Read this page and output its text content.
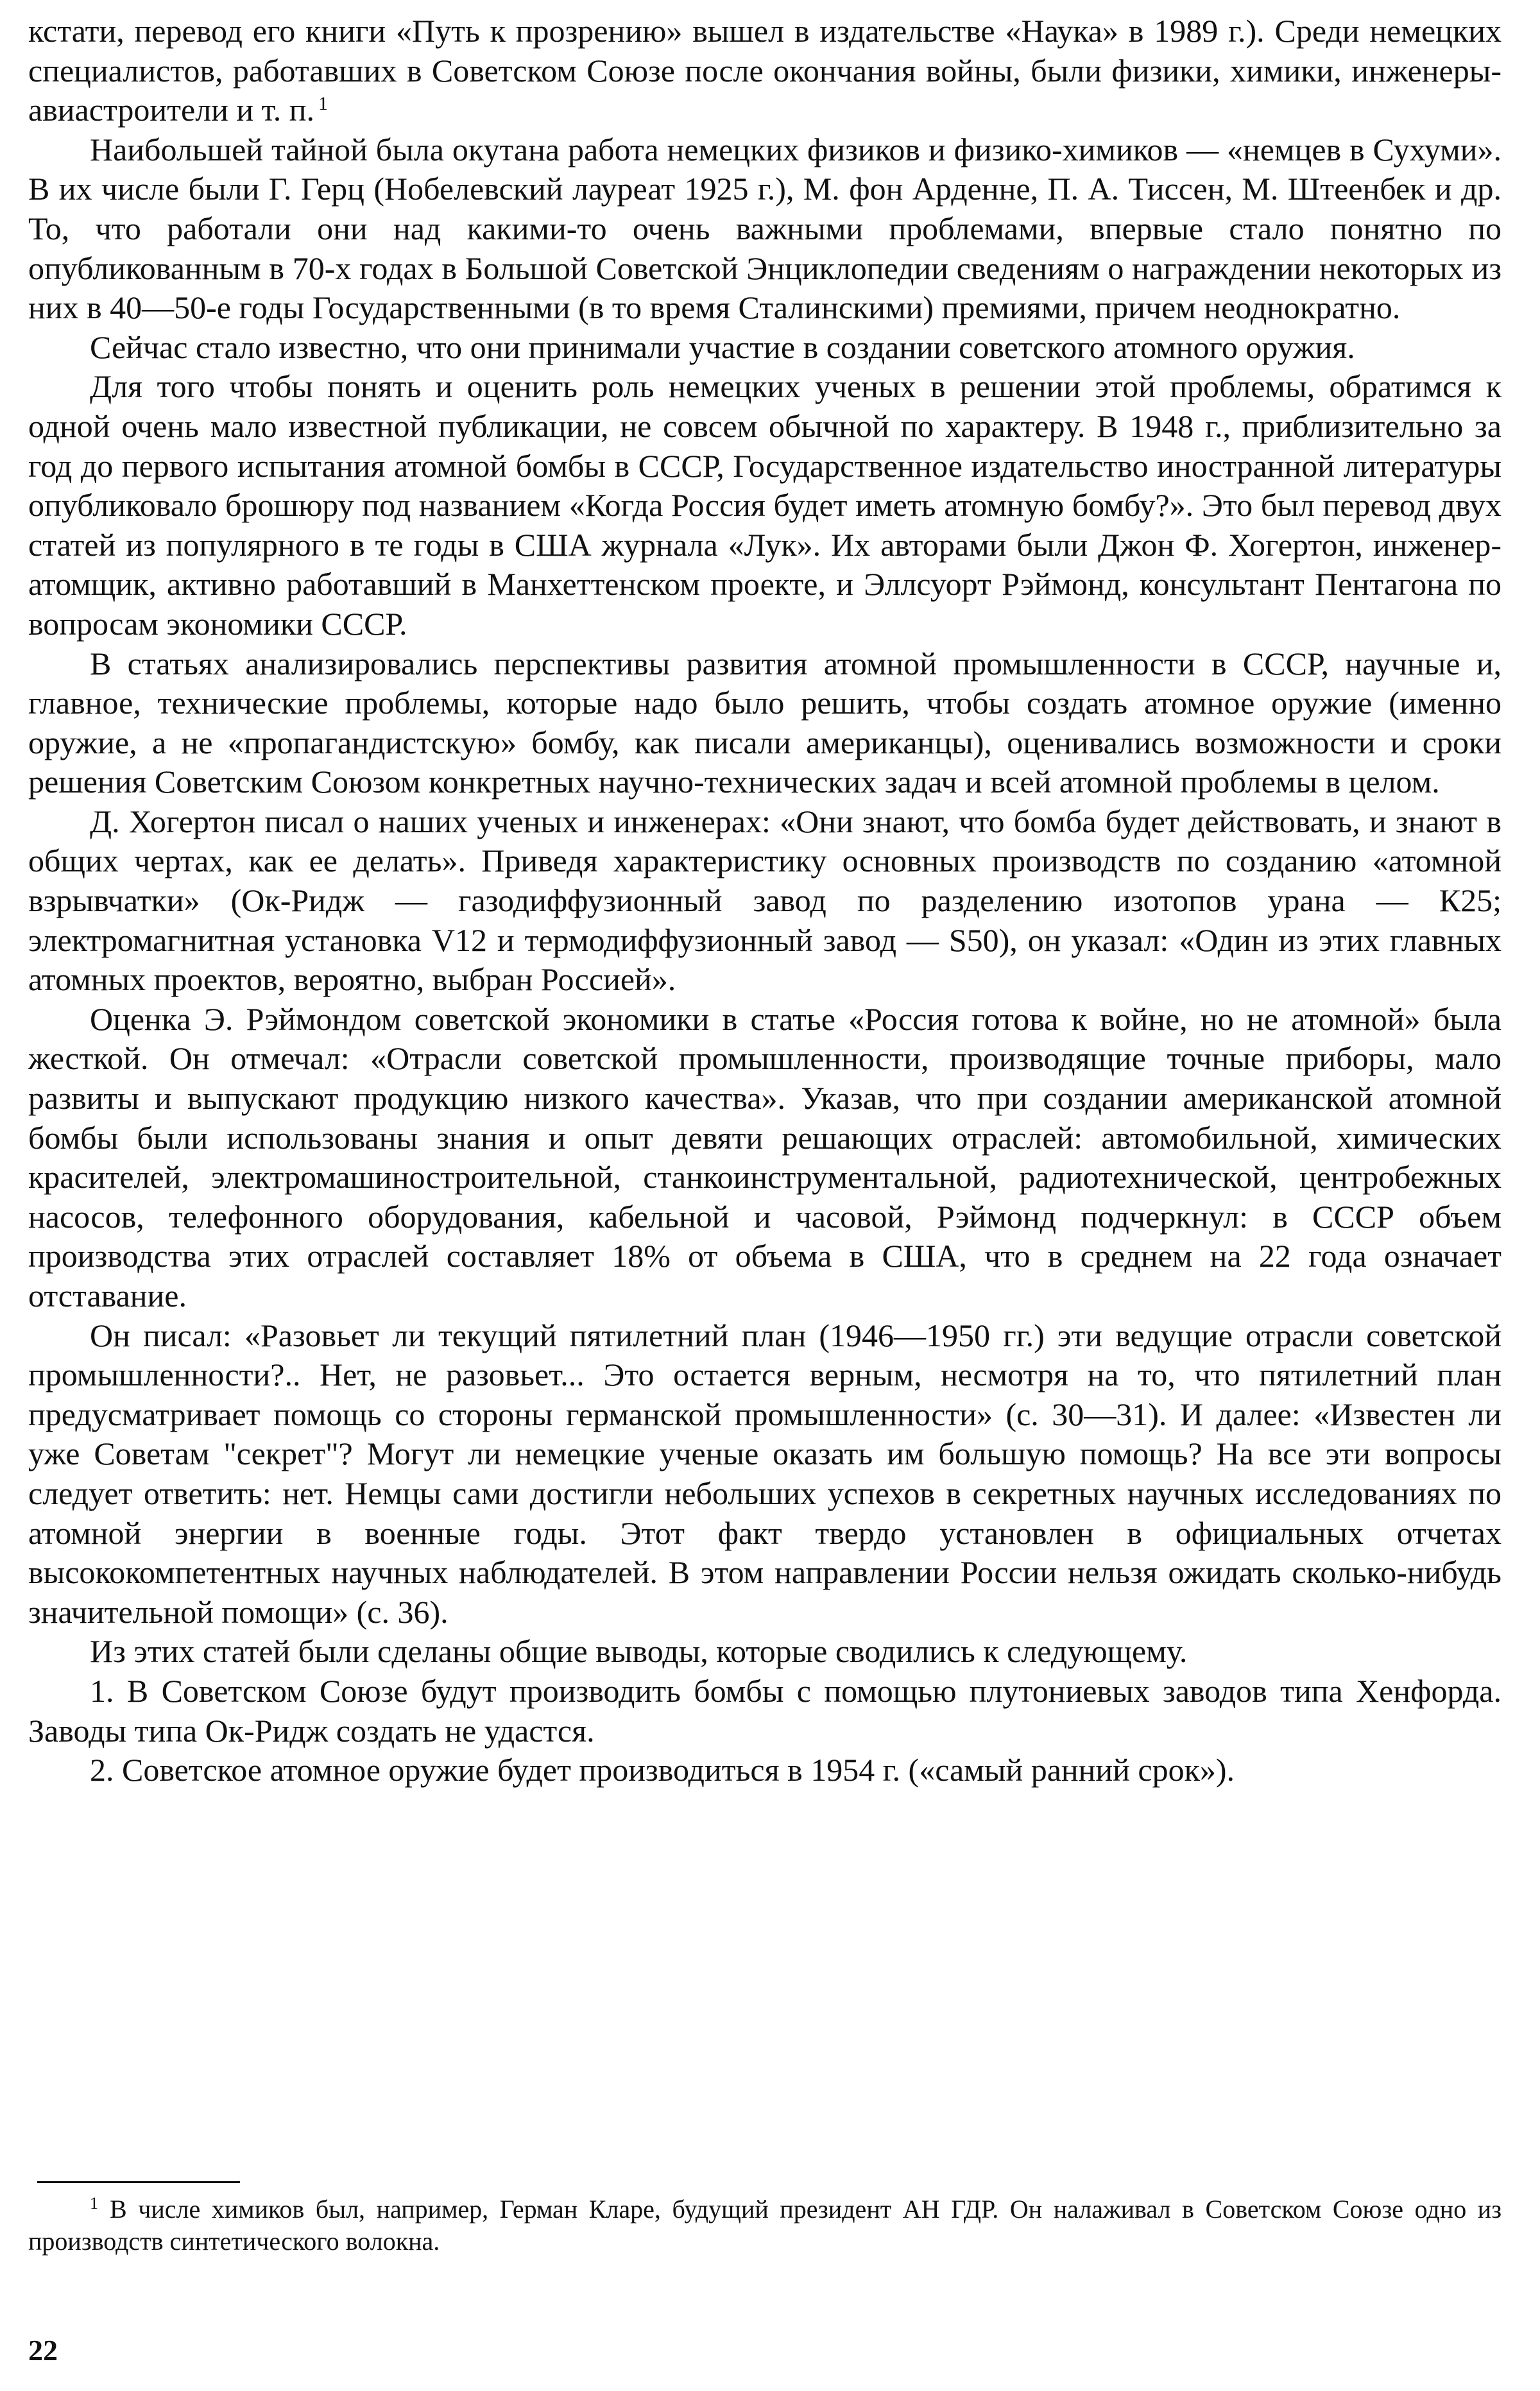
кстати, перевод его книги «Путь к прозрению» вышел в издательстве «Наука» в 1989 г.). Среди немецких специалистов, работавших в Советском Союзе после окончания войны, были физики, химики, инженеры-авиастроители и т. п. $^1$

Наибольшей тайной была окутана работа немецких физиков и физико-химиков — «немцев в Сухуми». В их числе были Г. Герц (Нобелевский лауреат 1925 г.), М. фон Арденне, П. А. Тиссен, М. Штеенбек и др. То, что работали они над какими-то очень важными проблемами, впервые стало понятно по опубликованным в 70-х годах в Большой Советской Энциклопедии сведениям о награждении некоторых из них в 40—50-е годы Государственными (в то время Сталинскими) премиями, причем неоднократно.

Сейчас стало известно, что они принимали участие в создании советского атомного оружия.

Для того чтобы понять и оценить роль немецких ученых в решении этой проблемы, обратимся к одной очень мало известной публикации, не совсем обычной по характеру. В 1948 г., приблизительно за год до первого испытания атомной бомбы в СССР, Государственное издательство иностранной литературы опубликовало брошюру под названием «Когда Россия будет иметь атомную бомбу?». Это был перевод двух статей из популярного в те годы в США журнала «Лук». Их авторами были Джон Ф. Хогертон, инженер-атомщик, активно работавший в Манхеттенском проекте, и Эллсуорт Рэймонд, консультант Пентагона по вопросам экономики СССР.

В статьях анализировались перспективы развития атомной промышленности в СССР, научные и, главное, технические проблемы, которые надо было решить, чтобы создать атомное оружие (именно оружие, а не «пропагандистскую» бомбу, как писали американцы), оценивались возможности и сроки решения Советским Союзом конкретных научно-технических задач и всей атомной проблемы в целом.

Д. Хогертон писал о наших ученых и инженерах: «Они знают, что бомба будет действовать, и знают в общих чертах, как ее делать». Приведя характеристику основных производств по созданию «атомной взрывчатки» (Ок-Ридж — газодиффузионный завод по разделению изотопов урана — К25; электромагнитная установка V12 и термодиффузионный завод — S50), он указал: «Один из этих главных атомных проектов, вероятно, выбран Россией».

Оценка Э. Рэймондом советской экономики в статье «Россия готова к войне, но не атомной» была жесткой. Он отмечал: «Отрасли советской промышленности, производящие точные приборы, мало развиты и выпускают продукцию низкого качества». Указав, что при создании американской атомной бомбы были использованы знания и опыт девяти решающих отраслей: автомобильной, химических красителей, электромашиностроительной, станкоинструментальной, радиотехнической, центробежных насосов, телефонного оборудования, кабельной и часовой, Рэймонд подчеркнул: в СССР объем производства этих отраслей составляет 18% от объема в США, что в среднем на 22 года означает отставание.

Он писал: «Разовьет ли текущий пятилетний план (1946—1950 гг.) эти ведущие отрасли советской промышленности?.. Нет, не разовьет... Это остается верным, несмотря на то, что пятилетний план предусматривает помощь со стороны германской промышленности» (с. 30—31). И далее: «Известен ли уже Советам "секрет"? Могут ли немецкие ученые оказать им большую помощь? На все эти вопросы следует ответить: нет. Немцы сами достигли небольших успехов в секретных научных исследованиях по атомной энергии в военные годы. Этот факт твердо установлен в официальных отчетах высококомпетентных научных наблюдателей. В этом направлении России нельзя ожидать сколько-нибудь значительной помощи» (с. 36).

Из этих статей были сделаны общие выводы, которые сводились к следующему.

1. В Советском Союзе будут производить бомбы с помощью плутониевых заводов типа Хенфорда. Заводы типа Ок-Ридж создать не удастся.

2. Советское атомное оружие будет производиться в 1954 г. («самый ранний срок»).

$^1$ В числе химиков был, например, Герман Кларе, будущий президент АН ГДР. Он налаживал в Советском Союзе одно из производств синтетического волокна.

22
